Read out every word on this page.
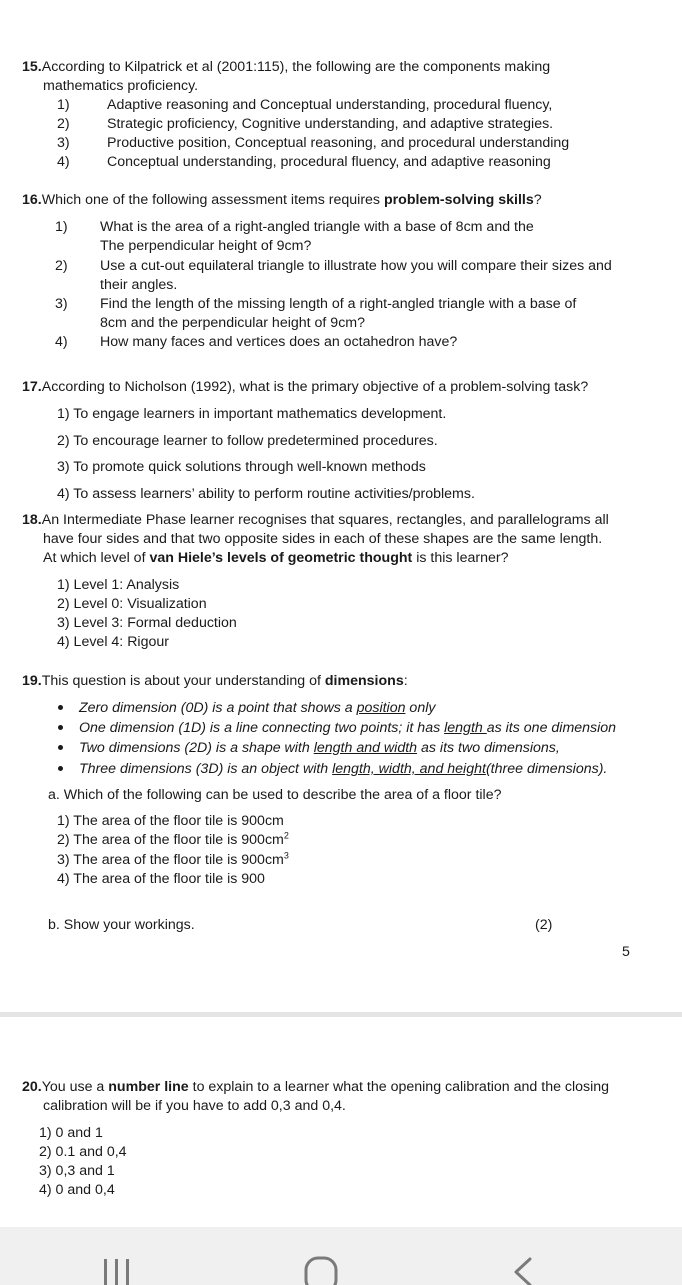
15.According to Kilpatrick et al (2001:115), the following are the components making
mathematics proficiency.
1)	Adaptive reasoning and Conceptual understanding, procedural fluency,
2)	Strategic proficiency, Cognitive understanding, and adaptive strategies.
3)	Productive position, Conceptual reasoning, and procedural understanding
4)	Conceptual understanding, procedural fluency, and adaptive reasoning
16.Which one of the following assessment items requires problem-solving skills?
1) What is the area of a right-angled triangle with a base of 8cm and the
The perpendicular height of 9cm?
2) Use a cut-out equilateral triangle to illustrate how you will compare their sizes and
their angles.
3) Find the length of the missing length of a right-angled triangle with a base of
8cm and the perpendicular height of 9cm?
4) How many faces and vertices does an octahedron have?
17.According to Nicholson (1992), what is the primary objective of a problem-solving task?
1) To engage learners in important mathematics development.
2) To encourage learner to follow predetermined procedures.
3) To promote quick solutions through well-known methods
4) To assess learners’ ability to perform routine activities/problems.
18.An Intermediate Phase learner recognises that squares, rectangles, and parallelograms all
have four sides and that two opposite sides in each of these shapes are the same length.
At which level of van Hiele’s levels of geometric thought is this learner?
1) Level 1: Analysis
2) Level 0: Visualization
3) Level 3: Formal deduction
4) Level 4: Rigour
19.This question is about your understanding of dimensions:
Zero dimension (0D) is a point that shows a position only
One dimension (1D) is a line connecting two points; it has length as its one dimension
Two dimensions (2D) is a shape with length and width as its two dimensions,
Three dimensions (3D) is an object with length, width, and height(three dimensions).
a. Which of the following can be used to describe the area of a floor tile?
1) The area of the floor tile is 900cm
2) The area of the floor tile is $900cm^2$
3) The area of the floor tile is $900cm^3$
4) The area of the floor tile is 900
b. Show your workings.	(2)
5
20.You use a number line to explain to a learner what the opening calibration and the closing
calibration will be if you have to add 0,3 and 0,4.
1) 0 and 1
2) 0.1 and 0,4
3) 0,3 and 1
4) 0 and 0,4
